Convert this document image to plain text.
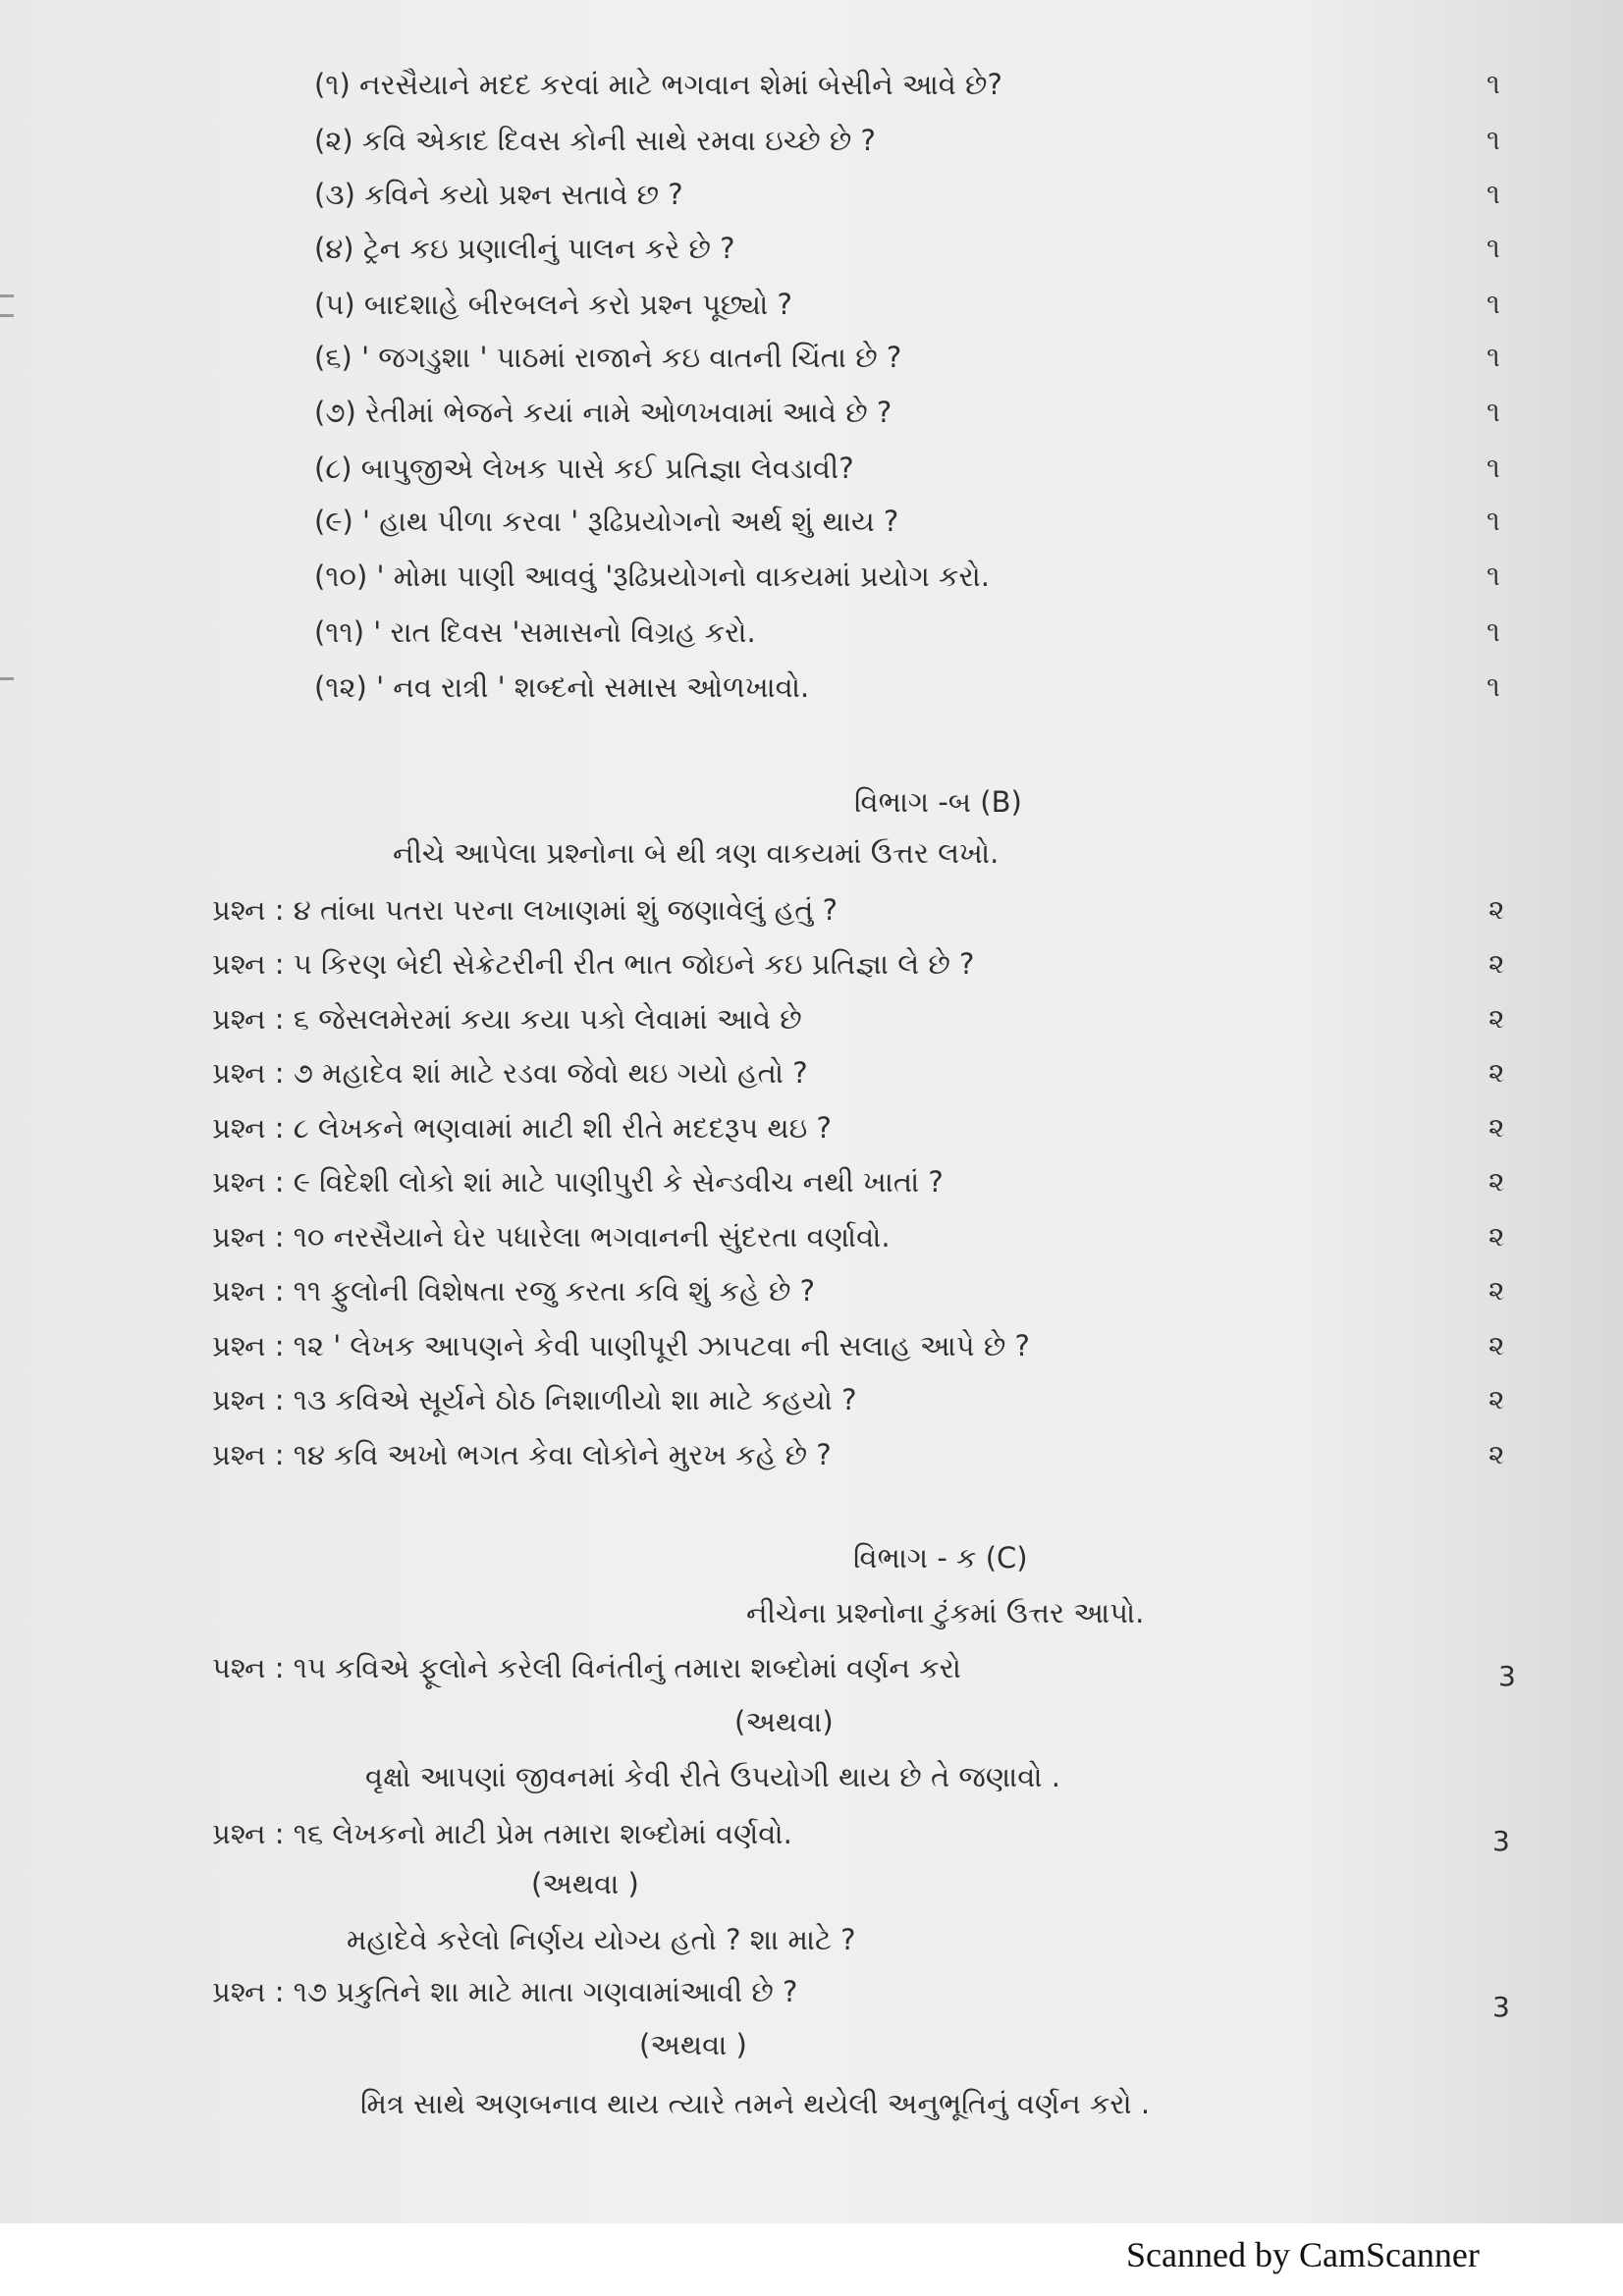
(૧) નરસૈયાને મદદ કરવાં માટે ભગવાન શેમાં બેસીને આવે છે?	૧
(૨) કવિ એકાદ દિવસ કોની સાથે રમવા ઇચ્છે છે ?	૧
(૩) કવિને કયો પ્રશ્ન સતાવે છ ?	૧
(૪) ટ્રેન કઇ પ્રણાલીનું પાલન કરે છે ?	૧
(૫) બાદશાહે બીરબલને કરો પ્રશ્ન પૂછ્યો ?	૧
(૬) ' જગડુશા ' પાઠમાં રાજાને કઇ વાતની ચિંતા છે ?	૧
(૭) રેતીમાં ભેજને કયાં નામે ઓળખવામાં આવે છે ?	૧
(૮) બાપુજીએ લેખક પાસે કઈ પ્રતિજ્ઞા લેવડાવી?	૧
(૯) ' હાથ પીળા કરવા ' રૂઢિપ્રયોગનો અર્થ શું થાય ?	૧
(૧૦) ' મોમા પાણી આવવું 'રૂઢિપ્રયોગનો વાકયમાં પ્રયોગ કરો.	૧
(૧૧) ' રાત દિવસ 'સમાસનો વિગ્રહ કરો.	૧
(૧૨) ' નવ રાત્રી ' શબ્દનો સમાસ ઓળખાવો.	૧
વિભાગ -બ (B)
નીચે આપેલા પ્રશ્નોના બે થી ત્રણ વાકયમાં ઉત્તર લખો.
પ્રશ્ન : ૪ તાંબા પતરા પરના લખાણમાં શું જણાવેલું હતું ?	૨
પ્રશ્ન : ૫ કિરણ બેદી સેક્રેટરીની રીત ભાત જોઇને કઇ પ્રતિજ્ઞા લે છે ?	૨
પ્રશ્ન : ૬ જેસલમેરમાં કયા કયા પકો લેવામાં આવે છે	૨
પ્રશ્ન : ૭ મહાદેવ શાં માટે રડવા જેવો થઇ ગયો હતો ?	૨
પ્રશ્ન : ૮ લેખકને ભણવામાં માટી શી રીતે મદદરૂપ થઇ ?	૨
પ્રશ્ન : ૯ વિદેશી લોકો શાં માટે પાણીપુરી કે સેન્ડવીચ નથી ખાતાં ?	૨
પ્રશ્ન : ૧૦ નરસૈયાને ઘેર પધારેલા ભગવાનની સુંદરતા વર્ણાવો.	૨
પ્રશ્ન : ૧૧ ફુલોની વિશેષતા રજુ કરતા કવિ શું કહે છે ?	૨
પ્રશ્ન : ૧૨ ' લેખક આપણને કેવી પાણીપૂરી ઝાપટવા ની સલાહ આપે છે ?	૨
પ્રશ્ન : ૧૩ કવિએ સૂર્યને ઠોઠ નિશાળીયો શા માટે કહયો ?	૨
પ્રશ્ન : ૧૪ કવિ અખો ભગત કેવા લોકોને મુરખ કહે છે ?	૨
વિભાગ - ક (C)
નીચેના પ્રશ્નોના ટુંકમાં ઉત્તર આપો.
પશ્ન : ૧૫ કવિએ ફૂલોને કરેલી વિનંતીનું તમારા શબ્દોમાં વર્ણન કરો	3
(અથવા)
વૃક્ષો આપણાં જીવનમાં કેવી રીતે ઉપયોગી થાય છે તે જણાવો .
પ્રશ્ન : ૧૬ લેખકનો માટી પ્રેમ તમારા શબ્દોમાં વર્ણવો.	3
(અથવા )
મહાદેવે કરેલો નિર્ણય યોગ્ય હતો ? શા માટે ?
પ્રશ્ન : ૧૭ પ્રકુતિને શા માટે માતા ગણવામાંઆવી છે ?	3
(અથવા )
મિત્ર સાથે અણબનાવ થાય ત્યારે તમને થયેલી અનુભૂતિનું વર્ણન કરો .
Scanned by CamScanner
